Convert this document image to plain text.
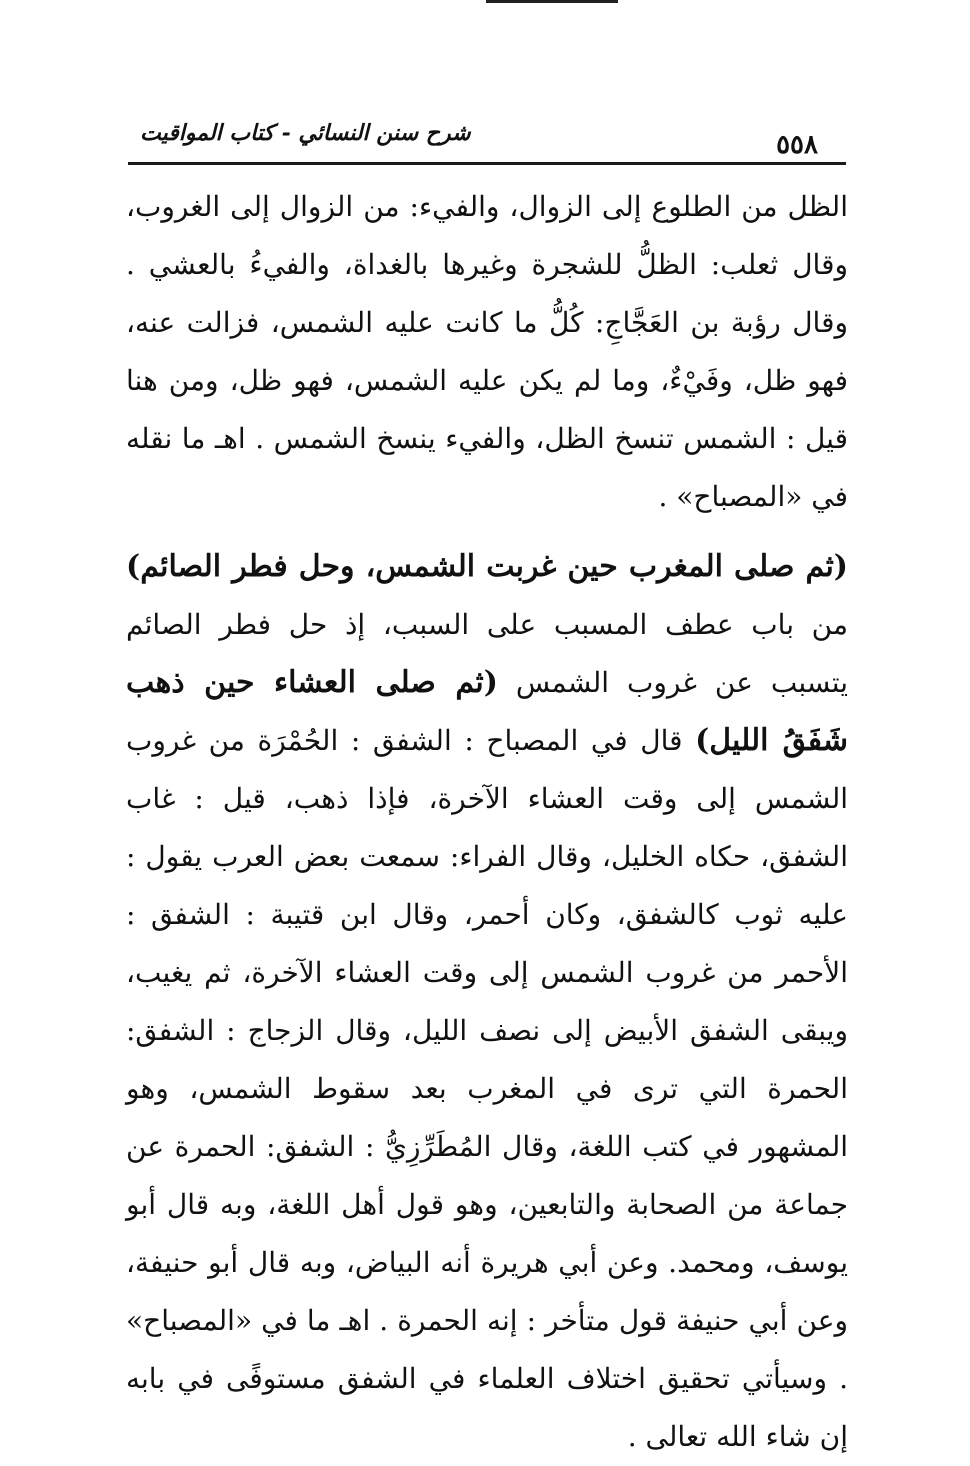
شرح سنن النسائي - كتاب المواقيت	٥٥٨

الظل من الطلوع إلى الزوال، والفيء: من الزوال إلى الغروب، وقال ثعلب: الظلُّ للشجرة وغيرها بالغداة، والفيءُ بالعشي . وقال رؤبة بن العَجَّاجِ: كُلُّ ما كانت عليه الشمس، فزالت عنه، فهو ظل، وفَيْءٌ، وما لم يكن عليه الشمس، فهو ظل، ومن هنا قيل : الشمس تنسخ الظل، والفيء ينسخ الشمس . اهـ ما نقله في «المصباح» .

(ثم صلى المغرب حين غربت الشمس، وحل فطر الصائم) من باب عطف المسبب على السبب، إذ حل فطر الصائم يتسبب عن غروب الشمس (ثم صلى العشاء حين ذهب شَفَقُ الليل) قال في المصباح : الشفق : الحُمْرَة من غروب الشمس إلى وقت العشاء الآخرة، فإذا ذهب، قيل : غاب الشفق، حكاه الخليل، وقال الفراء: سمعت بعض العرب يقول : عليه ثوب كالشفق، وكان أحمر، وقال ابن قتيبة : الشفق : الأحمر من غروب الشمس إلى وقت العشاء الآخرة، ثم يغيب، ويبقى الشفق الأبيض إلى نصف الليل، وقال الزجاج : الشفق: الحمرة التي ترى في المغرب بعد سقوط الشمس، وهو المشهور في كتب اللغة، وقال المُطَرِّزِيُّ : الشفق: الحمرة عن جماعة من الصحابة والتابعين، وهو قول أهل اللغة، وبه قال أبو يوسف، ومحمد. وعن أبي هريرة أنه البياض، وبه قال أبو حنيفة، وعن أبي حنيفة قول متأخر : إنه الحمرة . اهـ ما في «المصباح» . وسيأتي تحقيق اختلاف العلماء في الشفق مستوفًى في بابه إن شاء الله تعالى .
